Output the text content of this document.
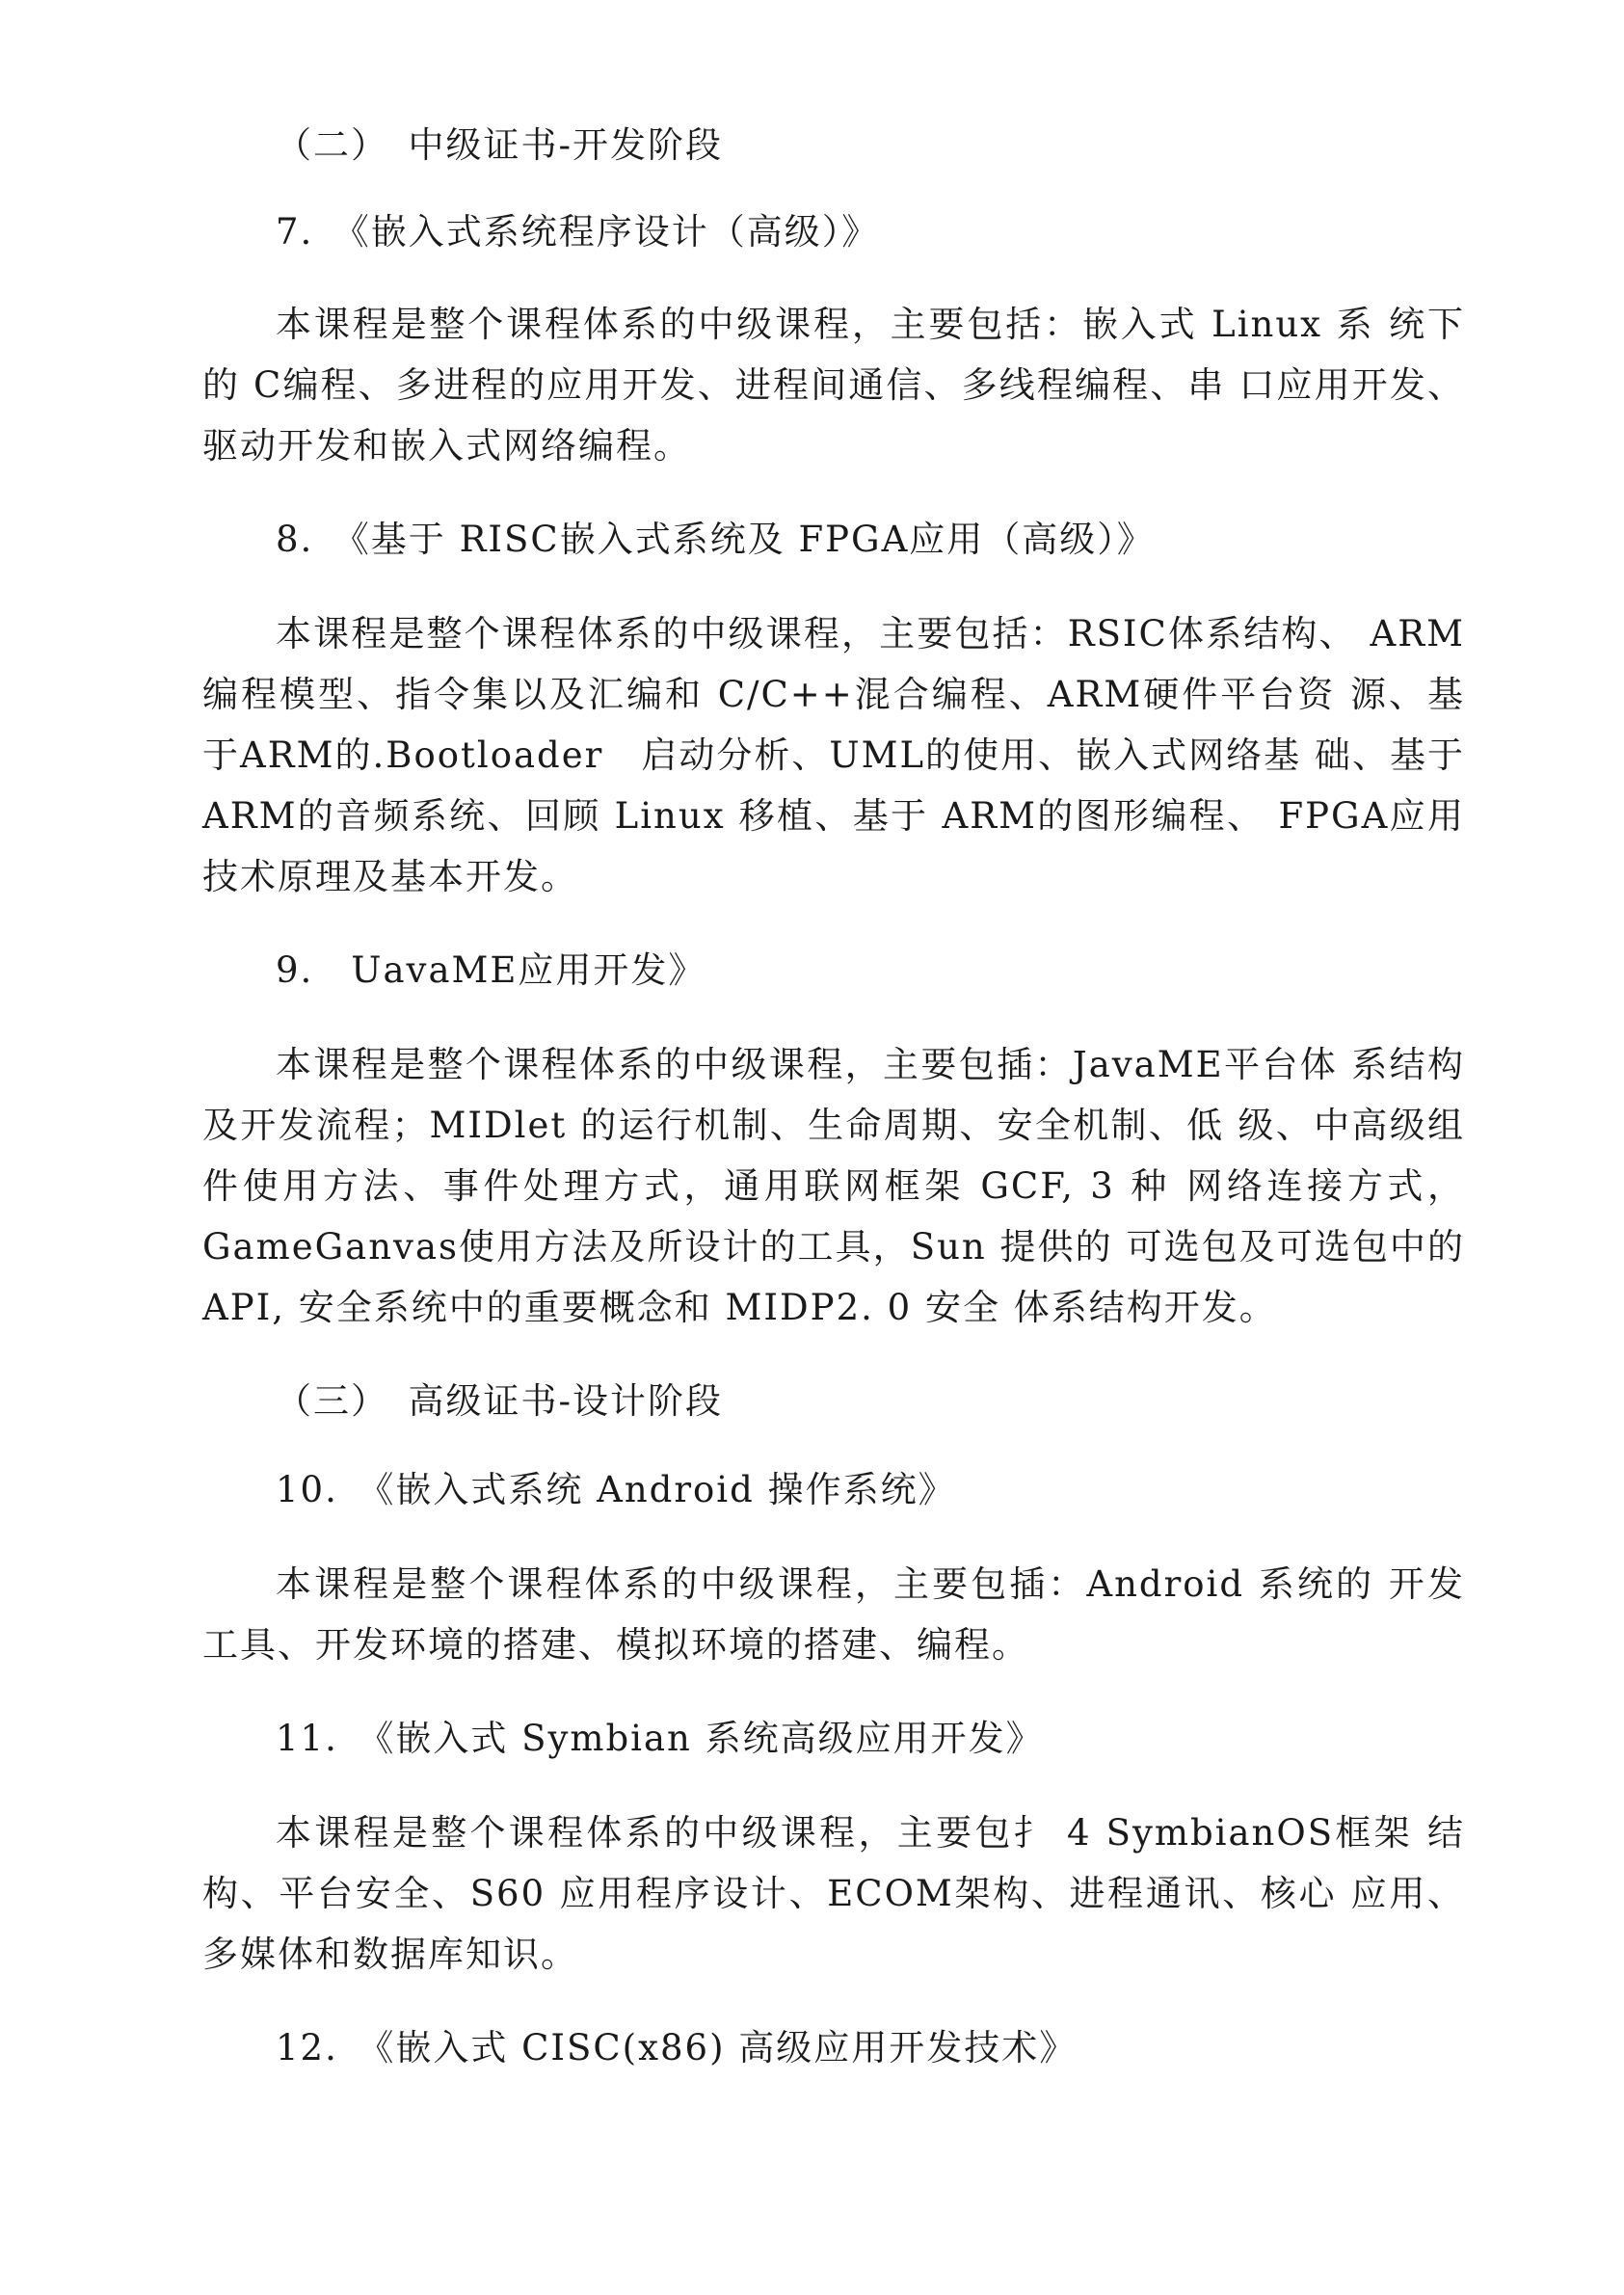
（二）　中级证书-开发阶段

7.　《嵌入式系统程序设计（高级）》

本课程是整个课程体系的中级课程，主要包括：嵌入式 Linux 系 统下的 C编程、多进程的应用开发、进程间通信、多线程编程、串 口应用开发、驱动开发和嵌入式网络编程。

8.　《基于 RISC嵌入式系统及 FPGA应用（高级）》

本课程是整个课程体系的中级课程，主要包括：RSIC体系结构、 ARM编程模型、指令集以及汇编和 C/C++混合编程、ARM硬件平台资 源、基于ARM的.Bootloader　启动分析、UML的使用、嵌入式网络基 础、基于 ARM的音频系统、回顾 Linux 移植、基于 ARM的图形编程、 FPGA应用技术原理及基本开发。

9.　UavaME应用开发》

本课程是整个课程体系的中级课程，主要包插：JavaME平台体 系结构及开发流程；MIDlet 的运行机制、生命周期、安全机制、低 级、中高级组件使用方法、事件处理方式，通用联网框架 GCF, 3 种 网络连接方式，GameGanvas使用方法及所设计的工具，Sun 提供的 可选包及可选包中的API, 安全系统中的重要概念和 MIDP2. 0 安全 体系结构开发。

（三）　高级证书-设计阶段

10.　《嵌入式系统 Android 操作系统》

本课程是整个课程体系的中级课程，主要包插：Android 系统的 开发工具、开发环境的搭建、模拟环境的搭建、编程。

11.　《嵌入式 Symbian 系统高级应用开发》

本课程是整个课程体系的中级课程，主要包扌 4 SymbianOS框架 结构、平台安全、S60 应用程序设计、ECOM架构、进程通讯、核心 应用、多媒体和数据库知识。

12.　《嵌入式 CISC(x86) 高级应用开发技术》
